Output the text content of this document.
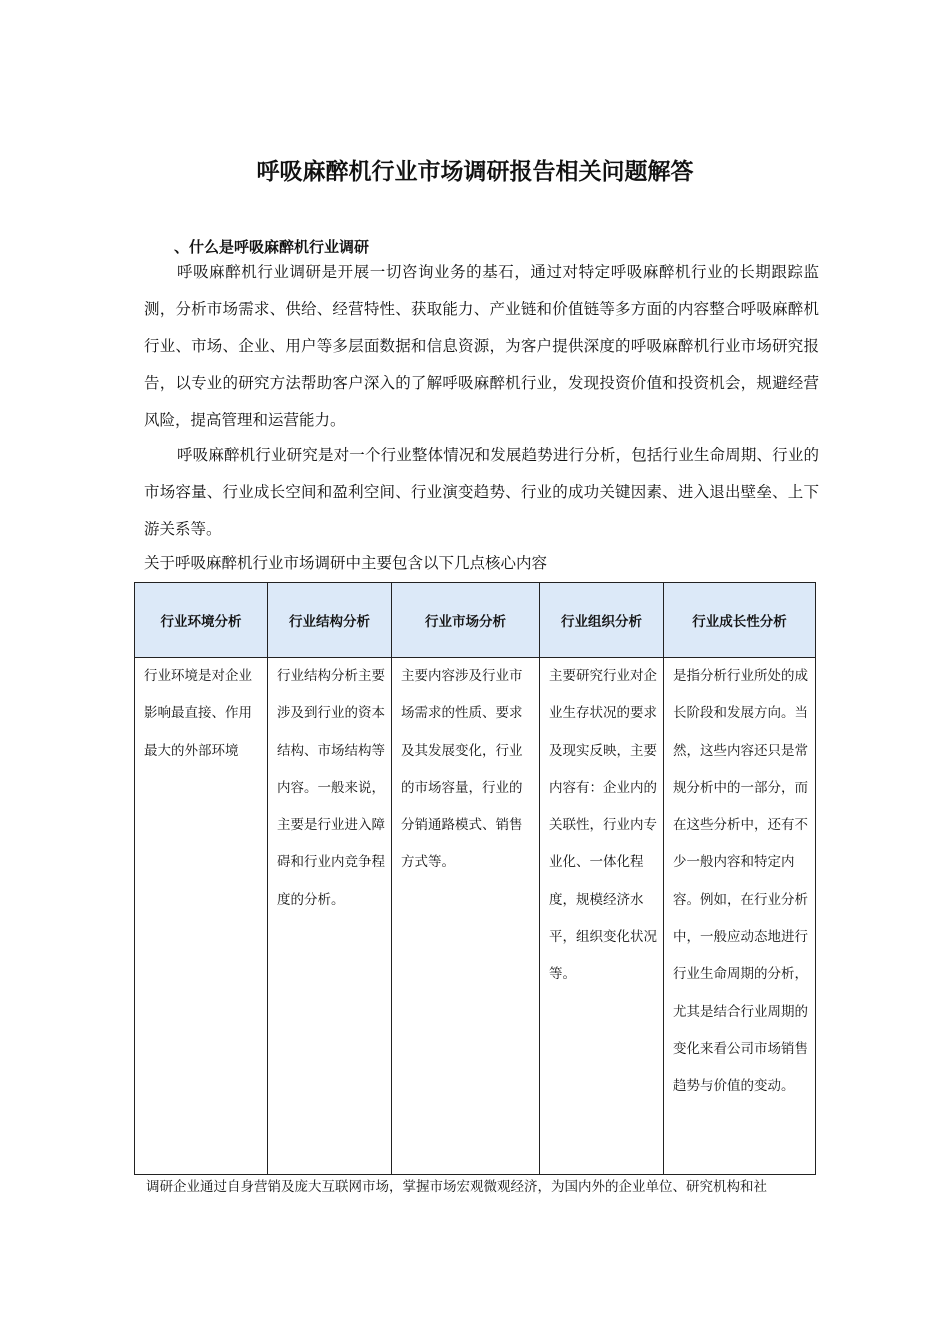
呼吸麻醉机行业市场调研报告相关问题解答
、什么是呼吸麻醉机行业调研

呼吸麻醉机行业调研是开展一切咨询业务的基石，通过对特定呼吸麻醉机行业的长期跟踪监测，分析市场需求、供给、经营特性、获取能力、产业链和价值链等多方面的内容整合呼吸麻醉机行业、市场、企业、用户等多层面数据和信息资源，为客户提供深度的呼吸麻醉机行业市场研究报告，以专业的研究方法帮助客户深入的了解呼吸麻醉机行业，发现投资价值和投资机会，规避经营风险，提高管理和运营能力。

呼吸麻醉机行业研究是对一个行业整体情况和发展趋势进行分析，包括行业生命周期、行业的市场容量、行业成长空间和盈利空间、行业演变趋势、行业的成功关键因素、进入退出壁垒、上下游关系等。

关于呼吸麻醉机行业市场调研中主要包含以下几点核心内容

行业环境分析	行业结构分析	行业市场分析	行业组织分析	行业成长性分析
行业环境是对企业影响最直接、作用最大的外部环境	行业结构分析主要涉及到行业的资本结构、市场结构等内容。一般来说，主要是行业进入障碍和行业内竞争程度的分析。	主要内容涉及行业市场需求的性质、要求及其发展变化，行业的市场容量，行业的分销通路模式、销售方式等。	主要研究行业对企业生存状况的要求及现实反映，主要内容有：企业内的关联性，行业内专业化、一体化程度，规模经济水平，组织变化状况等。	是指分析行业所处的成长阶段和发展方向。当然，这些内容还只是常规分析中的一部分，而在这些分析中，还有不少一般内容和特定内容。例如，在行业分析中，一般应动态地进行行业生命周期的分析，尤其是结合行业周期的变化来看公司市场销售趋势与价值的变动。

调研企业通过自身营销及庞大互联网市场，掌握市场宏观微观经济，为国内外的企业单位、研究机构和社
